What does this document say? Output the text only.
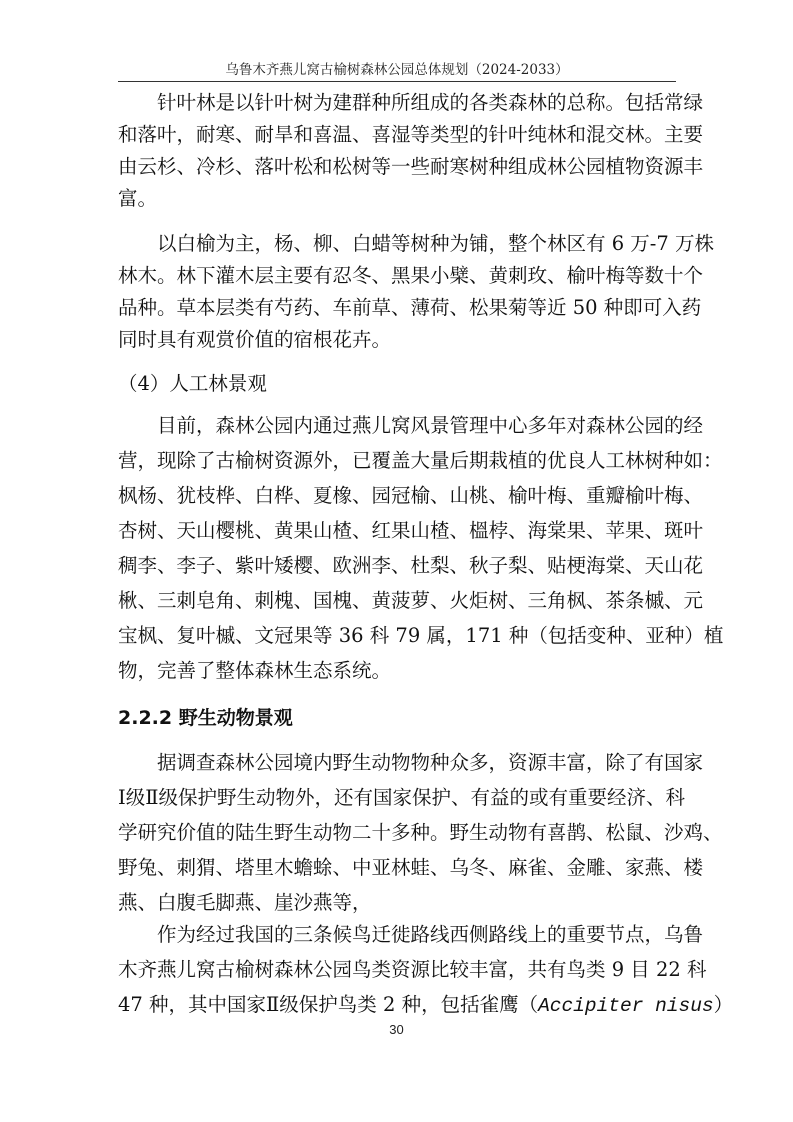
乌鲁木齐燕儿窝古榆树森林公园总体规划（2024-2033）
针叶林是以针叶树为建群种所组成的各类森林的总称。包括常绿
和落叶，耐寒、耐旱和喜温、喜湿等类型的针叶纯林和混交林。主要
由云杉、冷杉、落叶松和松树等一些耐寒树种组成林公园植物资源丰
富。
以白榆为主，杨、柳、白蜡等树种为铺，整个林区有 6 万-7 万株
林木。林下灌木层主要有忍冬、黑果小檗、黄刺玫、榆叶梅等数十个
品种。草本层类有芍药、车前草、薄荷、松果菊等近 50 种即可入药
同时具有观赏价值的宿根花卉。
（4）人工林景观
目前，森林公园内通过燕儿窝风景管理中心多年对森林公园的经
营，现除了古榆树资源外，已覆盖大量后期栽植的优良人工林树种如：
枫杨、犹枝桦、白桦、夏橡、园冠榆、山桃、榆叶梅、重瓣榆叶梅、
杏树、天山樱桃、黄果山楂、红果山楂、榲桲、海棠果、苹果、斑叶
稠李、李子、紫叶矮樱、欧洲李、杜梨、秋子梨、贴梗海棠、天山花
楸、三刺皂角、刺槐、国槐、黄菠萝、火炬树、三角枫、茶条槭、元
宝枫、复叶槭、文冠果等 36 科 79 属，171 种（包括变种、亚种）植
物，完善了整体森林生态系统。
2.2.2 野生动物景观
据调查森林公园境内野生动物物种众多，资源丰富，除了有国家
Ⅰ级Ⅱ级保护野生动物外，还有国家保护、有益的或有重要经济、科
学研究价值的陆生野生动物二十多种。野生动物有喜鹊、松鼠、沙鸡、
野兔、刺猬、塔里木蟾蜍、中亚林蛙、乌冬、麻雀、金雕、家燕、楼
燕、白腹毛脚燕、崖沙燕等，
作为经过我国的三条候鸟迁徙路线西侧路线上的重要节点，乌鲁
木齐燕儿窝古榆树森林公园鸟类资源比较丰富，共有鸟类 9 目 22 科
47 种，其中国家Ⅱ级保护鸟类 2 种，包括雀鹰（Accipiter nisus）
30
